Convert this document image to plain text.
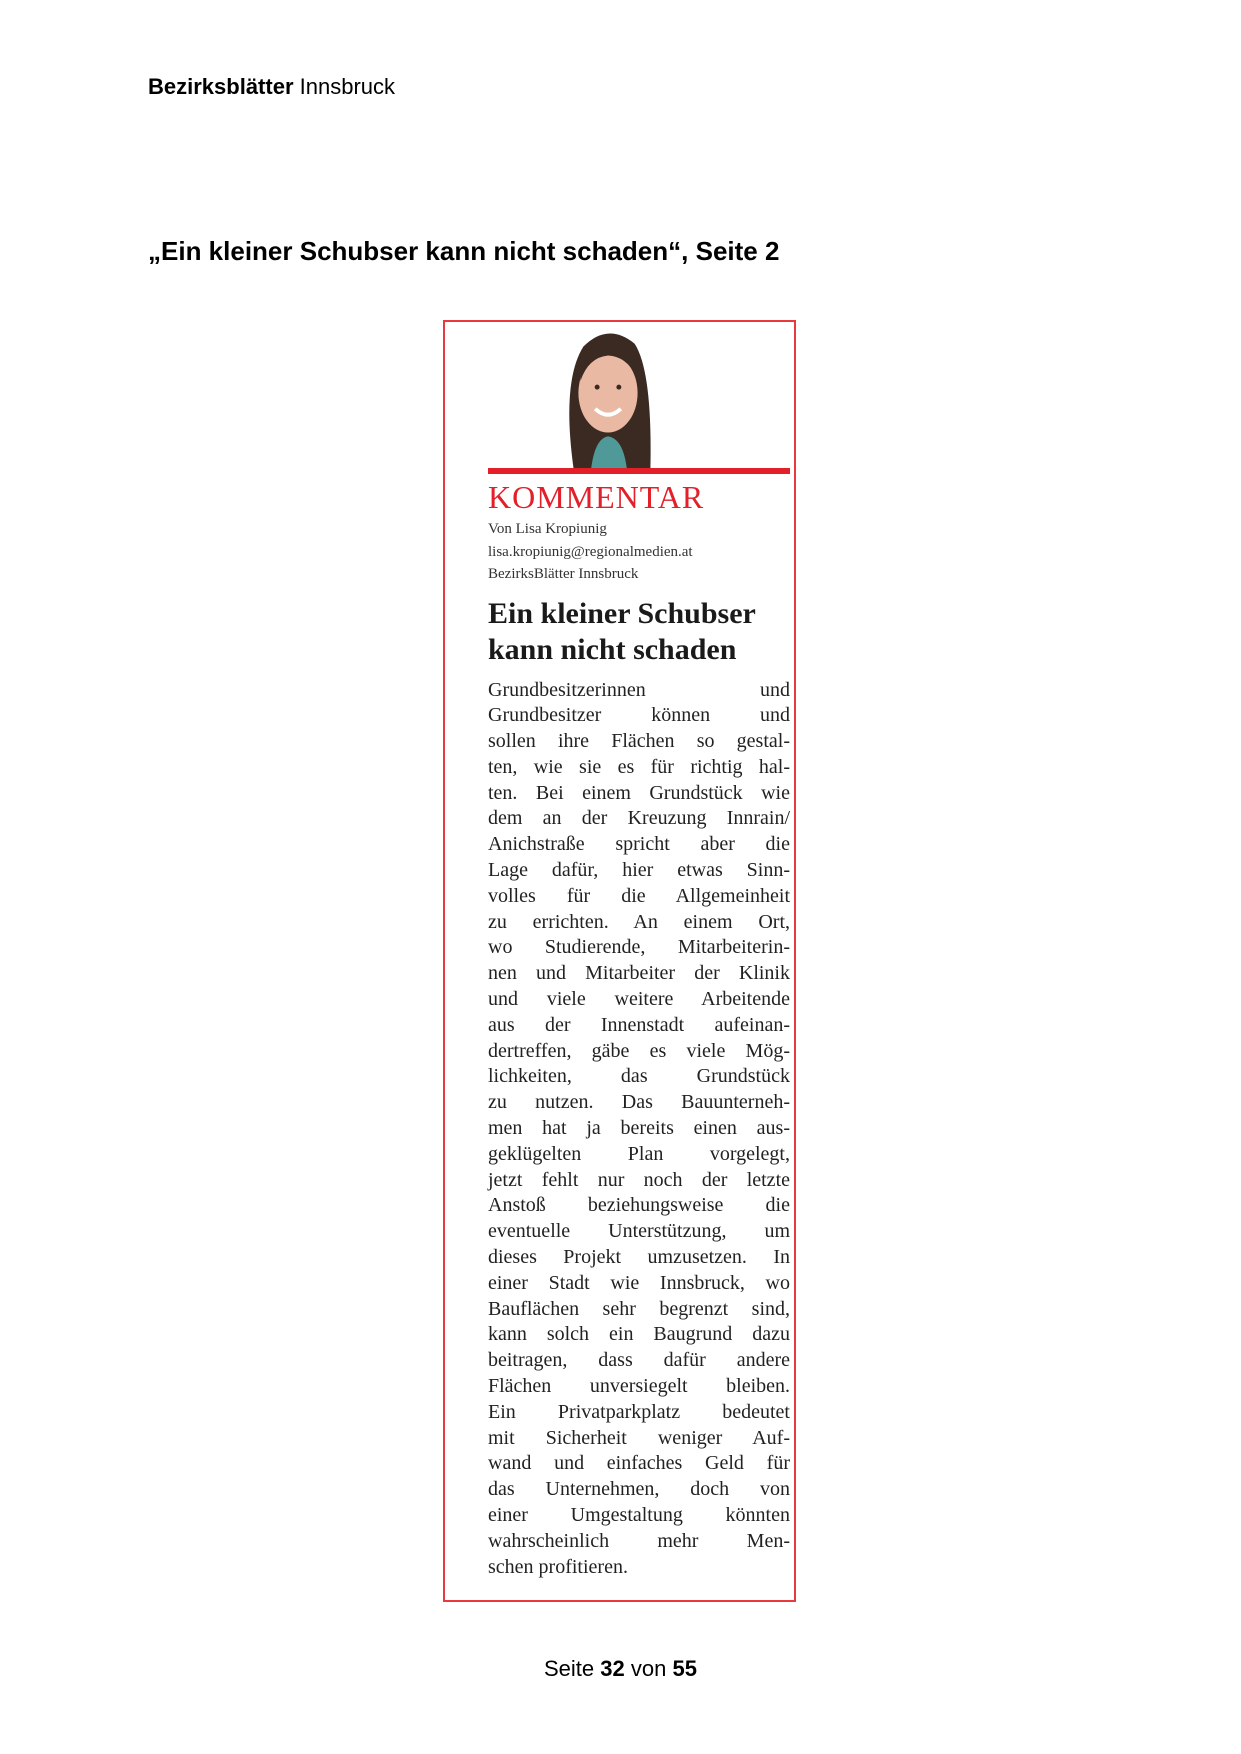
Bezirksblätter Innsbruck
„Ein kleiner Schubser kann nicht schaden“, Seite 2
KOMMENTAR
Von Lisa Kropiunig
lisa.kropiunig@regionalmedien.at
BezirksBlätter Innsbruck
Ein kleiner Schubser
kann nicht schaden
Grundbesitzerinnen und
Grundbesitzer können und
sollen ihre Flächen so gestal-
ten, wie sie es für richtig hal-
ten. Bei einem Grundstück wie
dem an der Kreuzung Innrain/
Anichstraße spricht aber die
Lage dafür, hier etwas Sinn-
volles für die Allgemeinheit
zu errichten. An einem Ort,
wo Studierende, Mitarbeiterin-
nen und Mitarbeiter der Klinik
und viele weitere Arbeitende
aus der Innenstadt aufeinan-
dertreffen, gäbe es viele Mög-
lichkeiten, das Grundstück
zu nutzen. Das Bauunterneh-
men hat ja bereits einen aus-
geklügelten Plan vorgelegt,
jetzt fehlt nur noch der letzte
Anstoß beziehungsweise die
eventuelle Unterstützung, um
dieses Projekt umzusetzen. In
einer Stadt wie Innsbruck, wo
Bauflächen sehr begrenzt sind,
kann solch ein Baugrund dazu
beitragen, dass dafür andere
Flächen unversiegelt bleiben.
Ein Privatparkplatz bedeutet
mit Sicherheit weniger Auf-
wand und einfaches Geld für
das Unternehmen, doch von
einer Umgestaltung könnten
wahrscheinlich mehr Men-
schen profitieren.
Seite 32 von 55
